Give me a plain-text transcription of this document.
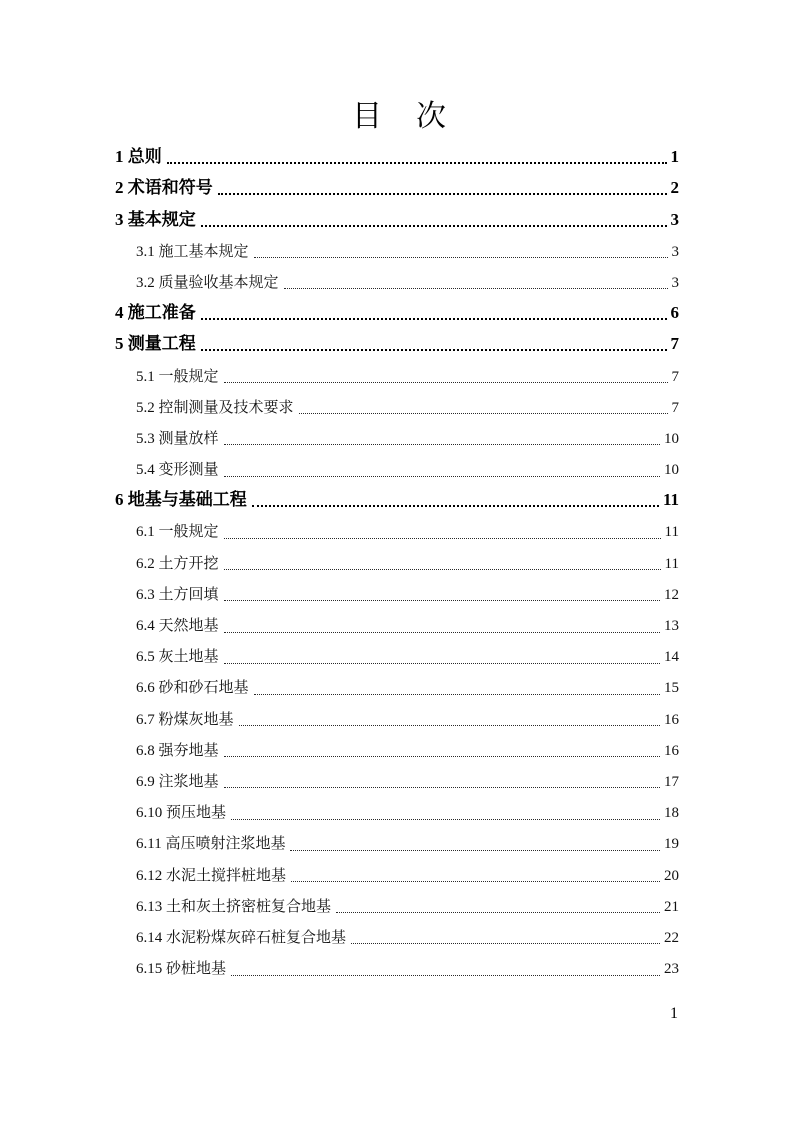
目　次
1 总则	1
2 术语和符号	2
3 基本规定	3
3.1 施工基本规定	3
3.2 质量验收基本规定	3
4 施工准备	6
5 测量工程	7
5.1 一般规定	7
5.2 控制测量及技术要求	7
5.3 测量放样	10
5.4 变形测量	10
6 地基与基础工程	11
6.1 一般规定	11
6.2 土方开挖	11
6.3 土方回填	12
6.4 天然地基	13
6.5 灰土地基	14
6.6 砂和砂石地基	15
6.7 粉煤灰地基	16
6.8 强夯地基	16
6.9 注浆地基	17
6.10 预压地基	18
6.11 高压喷射注浆地基	19
6.12 水泥土搅拌桩地基	20
6.13 土和灰土挤密桩复合地基	21
6.14 水泥粉煤灰碎石桩复合地基	22
6.15 砂桩地基	23
1
